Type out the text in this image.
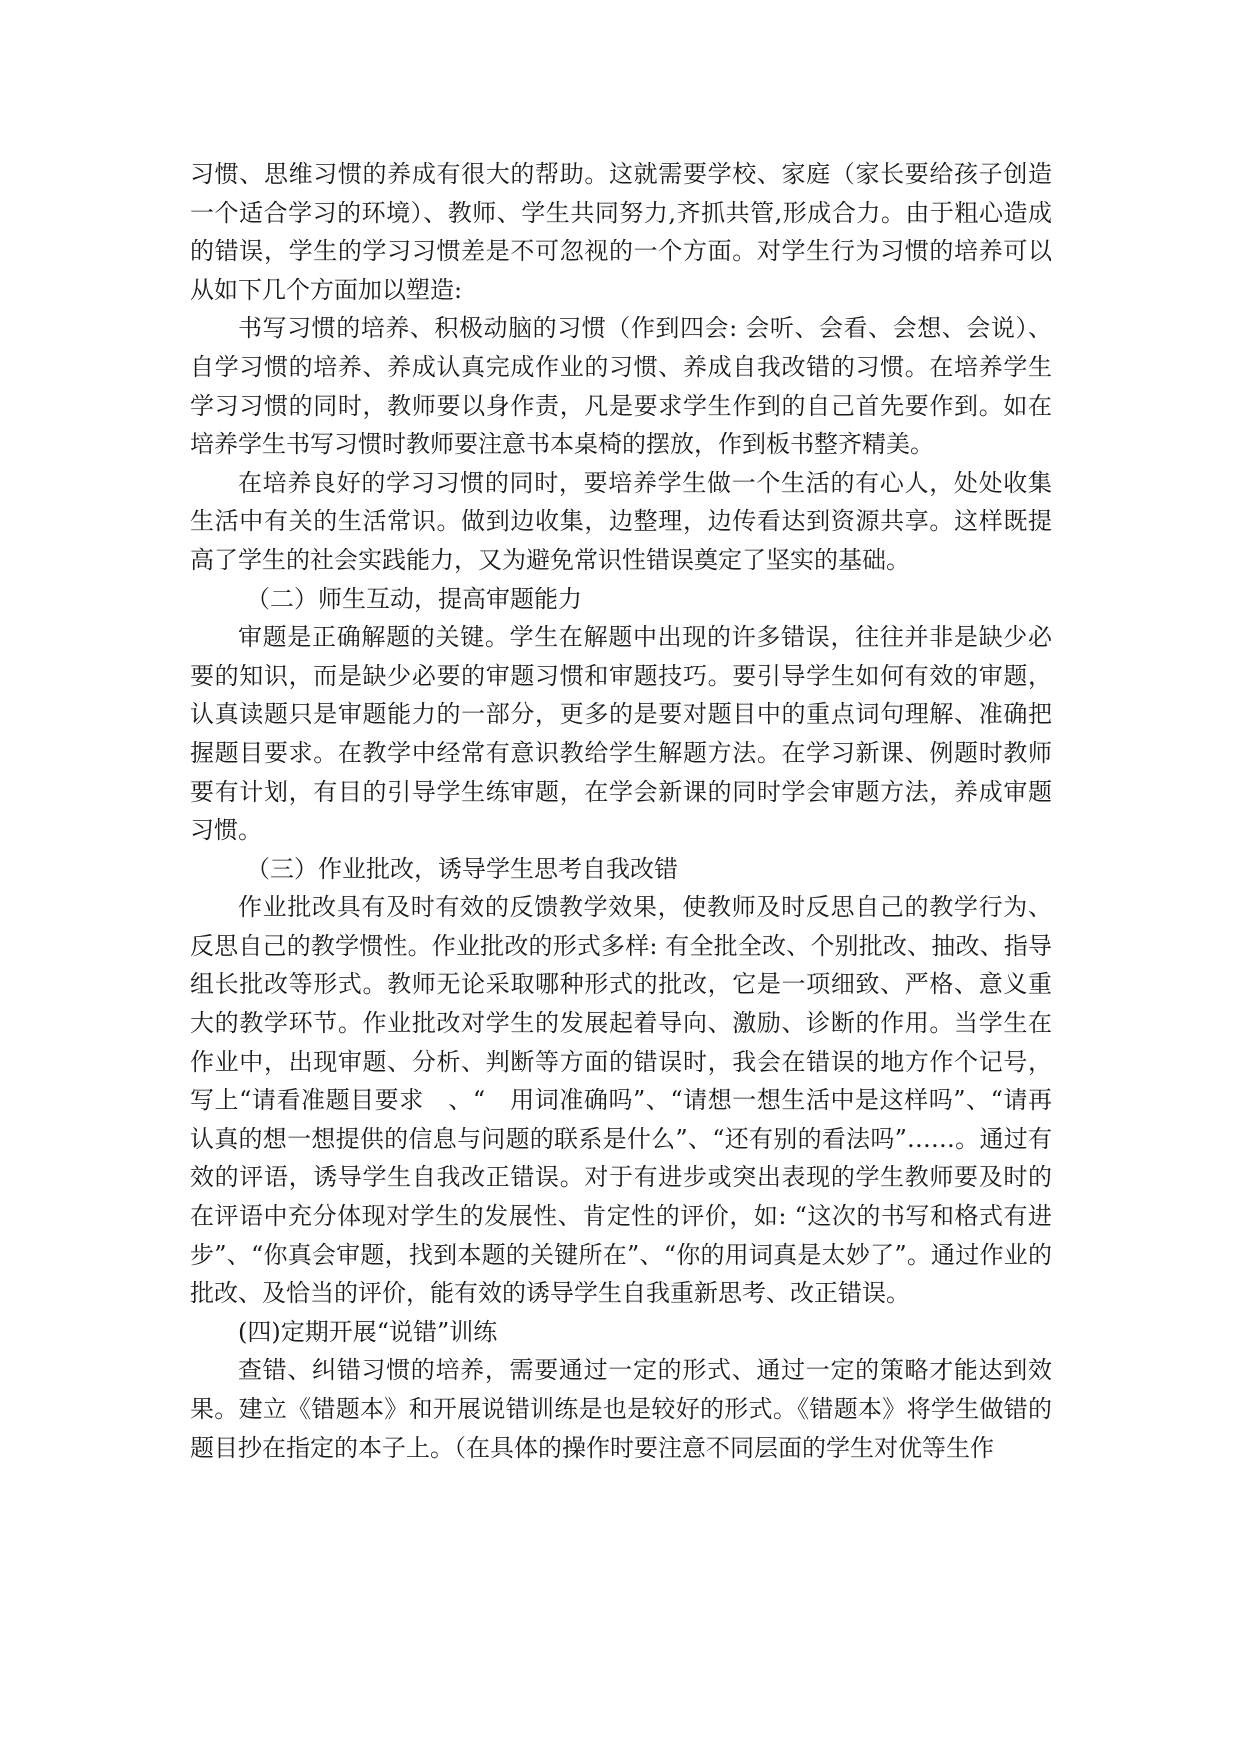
习惯、思维习惯的养成有很大的帮助。这就需要学校、家庭（家长要给孩子创造一个适合学习的环境）、教师、学生共同努力,齐抓共管,形成合力。由于粗心造成的错误，学生的学习习惯差是不可忽视的一个方面。对学生行为习惯的培养可以从如下几个方面加以塑造:

书写习惯的培养、积极动脑的习惯（作到四会: 会听、会看、会想、会说）、自学习惯的培养、养成认真完成作业的习惯、养成自我改错的习惯。在培养学生学习习惯的同时，教师要以身作责，凡是要求学生作到的自己首先要作到。如在培养学生书写习惯时教师要注意书本桌椅的摆放，作到板书整齐精美。

在培养良好的学习习惯的同时，要培养学生做一个生活的有心人，处处收集生活中有关的生活常识。做到边收集，边整理，边传看达到资源共享。这样既提高了学生的社会实践能力，又为避免常识性错误奠定了坚实的基础。

（二）师生互动，提高审题能力

审题是正确解题的关键。学生在解题中出现的许多错误，往往并非是缺少必要的知识，而是缺少必要的审题习惯和审题技巧。要引导学生如何有效的审题，认真读题只是审题能力的一部分，更多的是要对题目中的重点词句理解、准确把握题目要求。在教学中经常有意识教给学生解题方法。在学习新课、例题时教师要有计划，有目的引导学生练审题，在学会新课的同时学会审题方法，养成审题习惯。

（三）作业批改，诱导学生思考自我改错

作业批改具有及时有效的反馈教学效果，使教师及时反思自己的教学行为、反思自己的教学惯性。作业批改的形式多样: 有全批全改、个别批改、抽改、指导组长批改等形式。教师无论采取哪种形式的批改，它是一项细致、严格、意义重大的教学环节。作业批改对学生的发展起着导向、激励、诊断的作用。当学生在作业中，出现审题、分析、判断等方面的错误时，我会在错误的地方作个记号，写上“请看准题目要求　、“　用词准确吗”、“请想一想生活中是这样吗”、“请再认真的想一想提供的信息与问题的联系是什么”、“还有别的看法吗”……。通过有效的评语，诱导学生自我改正错误。对于有进步或突出表现的学生教师要及时的在评语中充分体现对学生的发展性、肯定性的评价，如: “这次的书写和格式有进步”、“你真会审题，找到本题的关键所在”、“你的用词真是太妙了”。通过作业的批改、及恰当的评价，能有效的诱导学生自我重新思考、改正错误。

(四)定期开展“说错”训练

查错、纠错习惯的培养，需要通过一定的形式、通过一定的策略才能达到效果。建立《错题本》和开展说错训练是也是较好的形式。《错题本》将学生做错的题目抄在指定的本子上。（在具体的操作时要注意不同层面的学生对优等生作
